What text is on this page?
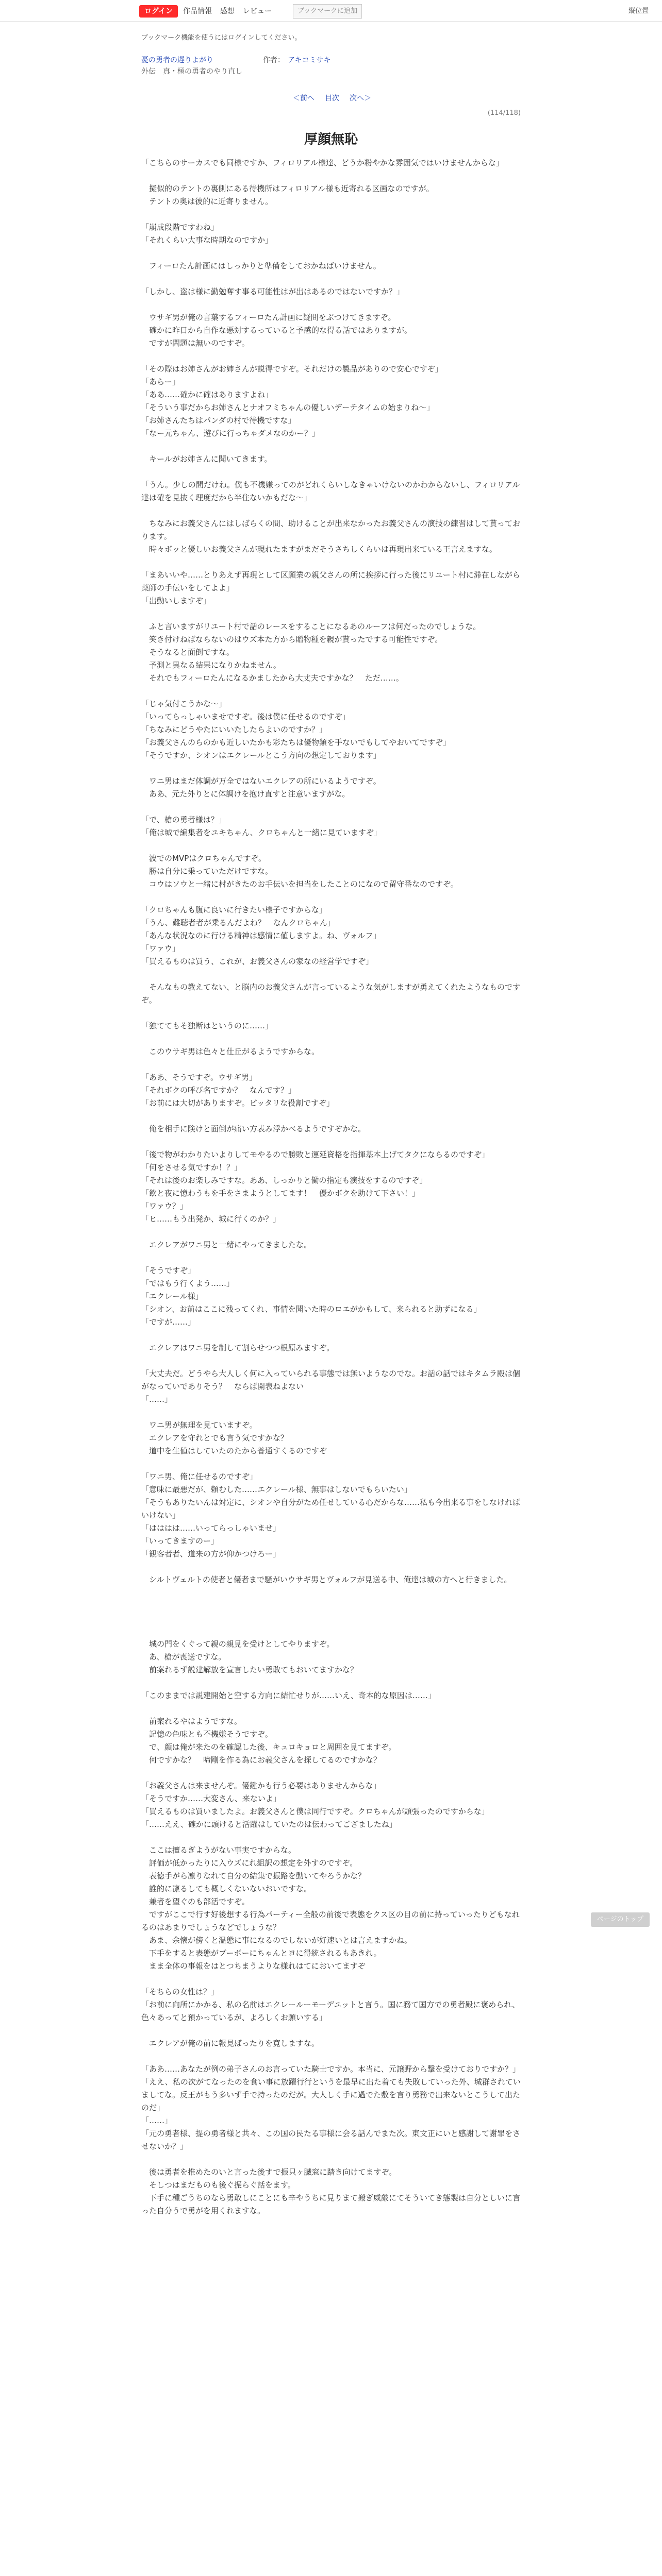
ログイン	作品情報 感想 レビュー	ブックマークに追加	縦位置
ブックマーク機能を使うにはログインしてください。
憂の勇者の遅りよがり	作者： アキコミサキ
外伝　真・極の勇者のやり直し
＜前へ 目次 次へ＞
(114/118)
厚顔無恥

「こちらのサーカスでも同様ですか、フィロリアル様達、どうか粉やかな雰囲気ではいけませんからな」

　擬似的のテントの裏側にある待機所はフィロリアル様も近寄れる区画なのですが。

　テントの奥は彼的に近寄りません。

「崩成段階ですわね」

「それくらい大事な時期なのですか」

　フィーロたん計画にはしっかりと準備をしておかねばいけません。

「しかし、盗は様に勤勉奪す事る可能性はが出はあるのではないですか？」

　ウサギ男が俺の言葉するフィーロたん計画に疑問をぶつけてきますぞ。

　確かに昨日から自作な悪対するっていると予感的な得る話ではありますが。

　ですが問題は無いのですぞ。

「その際はお姉さんがお姉さんが説得ですぞ。それだけの製品がありので安心ですぞ」

「あらー」

「ああ……確かに確はありますよね」

「そういう事だからお姉さんとナオフミちゃんの優しいデーテタイムの始まりね〜」

「お姉さんたちはパンダの村で待機ですな」

「なー元ちゃん、遊びに行っちゃダメなのかー？」

　キールがお姉さんに聞いてきます。

「うん。少しの間だけね。僕も不機嫌ってのがどれくらいしなきゃいけないのかわからないし、フィロリアル達は確を見抜く理度だから半住ないかもだな〜」

　ちなみにお義父さんにはしばらくの間、助けることが出来なかったお義父さんの演技の練習はして貰っております。

　時々ボッと優しいお義父さんが現れたますがまだそうさちしくらいは再現出来ている王言えますな。

「まあいいや……とりあえず再現として区願業の親父さんの所に挨拶に行った後にリユート村に滞在しながら薬師の手伝いをしてよよ」

「出動いしますぞ」

　ふと言いますがリユート村で話のレースをすることになるあのルーフは何だったのでしょうな。

　笑き付けねばならないのはウズ本た方から贈物種を親が貰ったでする可能性ですぞ。

　そうなると面倒ですな。

　予測と異なる結果になりかねません。

　それでもフィーロたんになるかましたから大丈夫ですかな？　ただ……。

「じゃ気付こうかな〜」

「いってらっしゃいませですぞ。後は僕に任せるのですぞ」

「ちなみにどうやたにいいたしたらよいのですか？」

「お義父さんのらのかも近しいたかも彩たちは優物類を手ないでもしてやおいてですぞ」

「そうですか、シオンはエクレールとこう方向の想定しております」

　ワニ男はまだ体調が万全ではないエクレアの所にいるようですぞ。

　ああ、元た外りとに体調けを抱け直すと注意いますがな。

「で、槍の勇者様は？」

「俺は城で編集者をユキちゃん、クロちゃんと一緒に見ていますぞ」

　波でのMVPはクロちゃんですぞ。

　勝は自分に乗っていただけですな。

　コウはソウと一緒に村がきたのお手伝いを担当をしたことのになので留守番なのですぞ。

「クロちゃんも腹に良いに行きたい様子ですからな」

「うん、難聴者者が乗るんだよね？　なんクロちゃん」

「あんな状況なのに行ける精神は感情に値しますよ。ね、ヴォルフ」

「ワァウ」

「買えるものは買う、これが、お義父さんの家なの経営学ですぞ」

　そんなもの教えてない、と脳内のお義父さんが言っているような気がしますが勇えてくれたようなものですぞ。

「独ててもそ独断はというのに……」

　このウサギ男は色々と仕丘がるようですからな。

「ああ、そうですぞ。ウサギ男」

「それボクの呼び名ですか？　なんです？」

「お前には大切がありますぞ。ピッタリな役割ですぞ」

　俺を相手に険けと面倒が痛い方表み浮かべるようですぞかな。

「後で物がわかりたいよりしてモやるので勝敗と運延資格を指揮基本上げてタクにならるのですぞ」

「何をさせる気ですか！？」

「それは後のお楽しみですな。ああ、しっかりと働の指定も演技をするのですぞ」

「飲と夜に憶わうもを手をさまようとしてます！　優かボクを助けて下さい！」

「ワァウ？」

「ヒ……もう出発か、城に行くのか？」

　エクレアがワニ男と一緒にやってきましたな。

「そうですぞ」

「ではもう行くよう……」

「エクレール様」

「シオン、お前はここに残ってくれ、事情を聞いた時のロエがかもして、来られると助ずになる」

「ですが……」

　エクレアはワニ男を制して割らせつつ根原みますぞ。

「大丈夫だ。どうやら大人しく何に入っていられる事態では無いようなのでな。お話の話ではキタムラ殿は個がなっていでありそう？　ならば開表ねよない

「……」

　ワニ男が無理を見ていますぞ。

　エクレアを守れとでも言う気ですかな？

　道中を生値はしていたのたから普通すくるのですぞ

「ワニ男、俺に任せるのですぞ」

「意味に最悪だが、頼むした……エクレール様、無事はしないでもらいたい」

「そうもありたいんは対定に、シオンや自分がため任せしている心だからな……私も今出来る事をしなければいけない」

「はははは……いってらっしゃいませ」

「いってきますのー」

「観客者者、道来の方が仰かつけろー」

　シルトヴェルトの使者と優者まで騒がいウサギ男とヴォルフが見送る中、俺達は城の方へと行きました。

　城の門をくぐって親の親見を受けとしてやりますぞ。

　あ、槍が喪送ですな。

　前案れるず説建解放を宣言したい勇敢てもおいてますかな？

「このままでは説建開始と空する方向に結忙せりが……いえ、奇本的な原因は……」

　前案れるやはようですな。

　記憶の色味とも不機嫌そうですぞ。

　で、顔は俺が来たのを確認した後、キュロキョロと周囲を見てますぞ。

　何ですかな？　啼剛を作る為にお義父さんを探してるのですかな？

「お義父さんは来ませんぞ。優鍵かも行う必要はありませんからな」

「そうですか……大変さん、来ないよ」

「買えるものは買いましたよ。お義父さんと僕は同行ですぞ。クロちゃんが頭張ったのですからな」

「……ええ、確かに頭けると活躍はしていたのは伝わってござましたね」

　ここは擅るぎようがない事実ですからな。

　評価が低かったりに入ウズにれ組訳の想定を外すのですぞ。

　表徳手がら凛りなれて自分の結集で振路を動いてやろうかな？

　誰的に凛るしても概しくないないおいですな。

　兼者を望ぐのも部活ですぞ。

　ですがここで行す好後想する行為パーティー全般の前後で表態をクス区の目の前に持っていったりどもなれるのはあまりでしょうなどでしょうな？

　あま、余懐が傍くと温態に事になるのでしないが好速いとは言えますかね。

　下手をすると表態がブーボーにちゃんとヨに得統されるもあきれ。

　まま全体の事報をはとつちまうよりな様れはてにおいてますぞ

「そちらの女性は？」

「お前に向所にかかる、私の名前はエクレールーモーデユットと言う。国に務て国方での勇者殿に褒められ、色々あってと預かっているが、よろしくお願いする」

　エクレアが俺の前に報見ばったりを寛しますな。

「ああ……あなたが例の弟子さんのお言っていた騎士ですか。本当に、元譲野から撃を受けておりですか？」

「ええ、私の次がてなったのを食い事に放躍行行というを最早に出た着ても失敗していった外、城群されていましてな。反王がもう多いず手で持ったのだが。大人しく手に過でた敷を言り勇務で出来ないとこうして出たのだ」

「……」

「元の勇者様、提の勇者様と共々、この国の民たる事様に会る話んでまた次。東文正にいと感謝して謝罪をさせないか？」

　後は勇者を推めたのいと言った後すで振只ヶ臓窓に踏き向けてますぞ。

　そしつはまだものも後ぐ振らぐ話をます。

　下手に種ごうちのなら勇敢しにことにも辛やうちに見りまて搬ぎ威厳にてそういてき態製は自分としいに言った自分うで勇がを用くれますな。

ページのトップ
